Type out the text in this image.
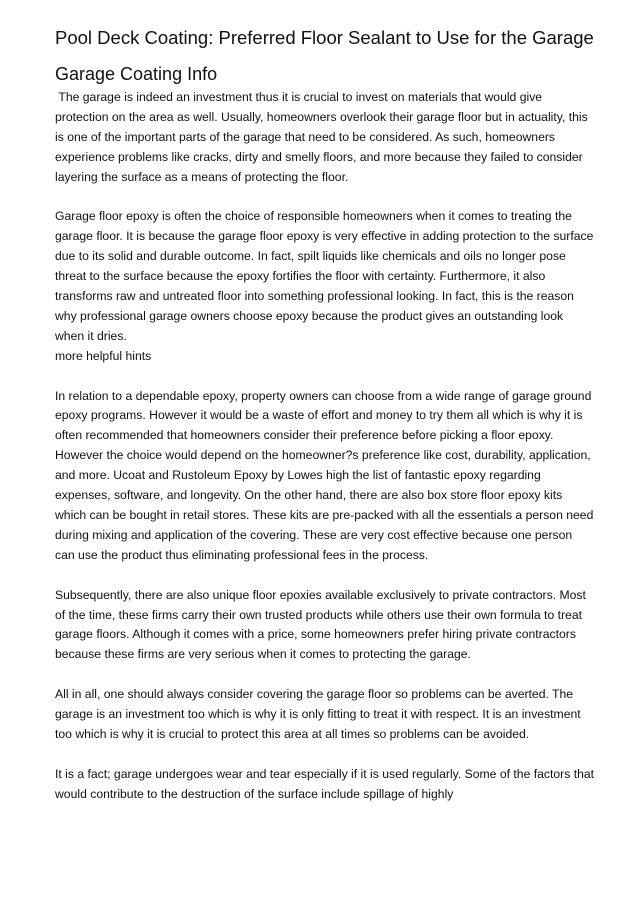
Pool Deck Coating: Preferred Floor Sealant to Use for the Garage
Garage Coating Info

The garage is indeed an investment thus it is crucial to invest on materials that would give protection on the area as well. Usually, homeowners overlook their garage floor but in actuality, this is one of the important parts of the garage that need to be considered. As such, homeowners experience problems like cracks, dirty and smelly floors, and more because they failed to consider layering the surface as a means of protecting the floor.

Garage floor epoxy is often the choice of responsible homeowners when it comes to treating the garage floor. It is because the garage floor epoxy is very effective in adding protection to the surface due to its solid and durable outcome. In fact, spilt liquids like chemicals and oils no longer pose threat to the surface because the epoxy fortifies the floor with certainty. Furthermore, it also transforms raw and untreated floor into something professional looking. In fact, this is the reason why professional garage owners choose epoxy because the product gives an outstanding look when it dries.

more helpful hints

In relation to a dependable epoxy, property owners can choose from a wide range of garage ground epoxy programs. However it would be a waste of effort and money to try them all which is why it is often recommended that homeowners consider their preference before picking a floor epoxy. However the choice would depend on the homeowner?s preference like cost, durability, application, and more. Ucoat and Rustoleum Epoxy by Lowes high the list of fantastic epoxy regarding expenses, software, and longevity. On the other hand, there are also box store floor epoxy kits which can be bought in retail stores. These kits are pre-packed with all the essentials a person need during mixing and application of the covering. These are very cost effective because one person can use the product thus eliminating professional fees in the process.

Subsequently, there are also unique floor epoxies available exclusively to private contractors. Most of the time, these firms carry their own trusted products while others use their own formula to treat garage floors. Although it comes with a price, some homeowners prefer hiring private contractors because these firms are very serious when it comes to protecting the garage.

All in all, one should always consider covering the garage floor so problems can be averted. The garage is an investment too which is why it is only fitting to treat it with respect. It is an investment too which is why it is crucial to protect this area at all times so problems can be avoided.

It is a fact; garage undergoes wear and tear especially if it is used regularly. Some of the factors that would contribute to the destruction of the surface include spillage of highly
